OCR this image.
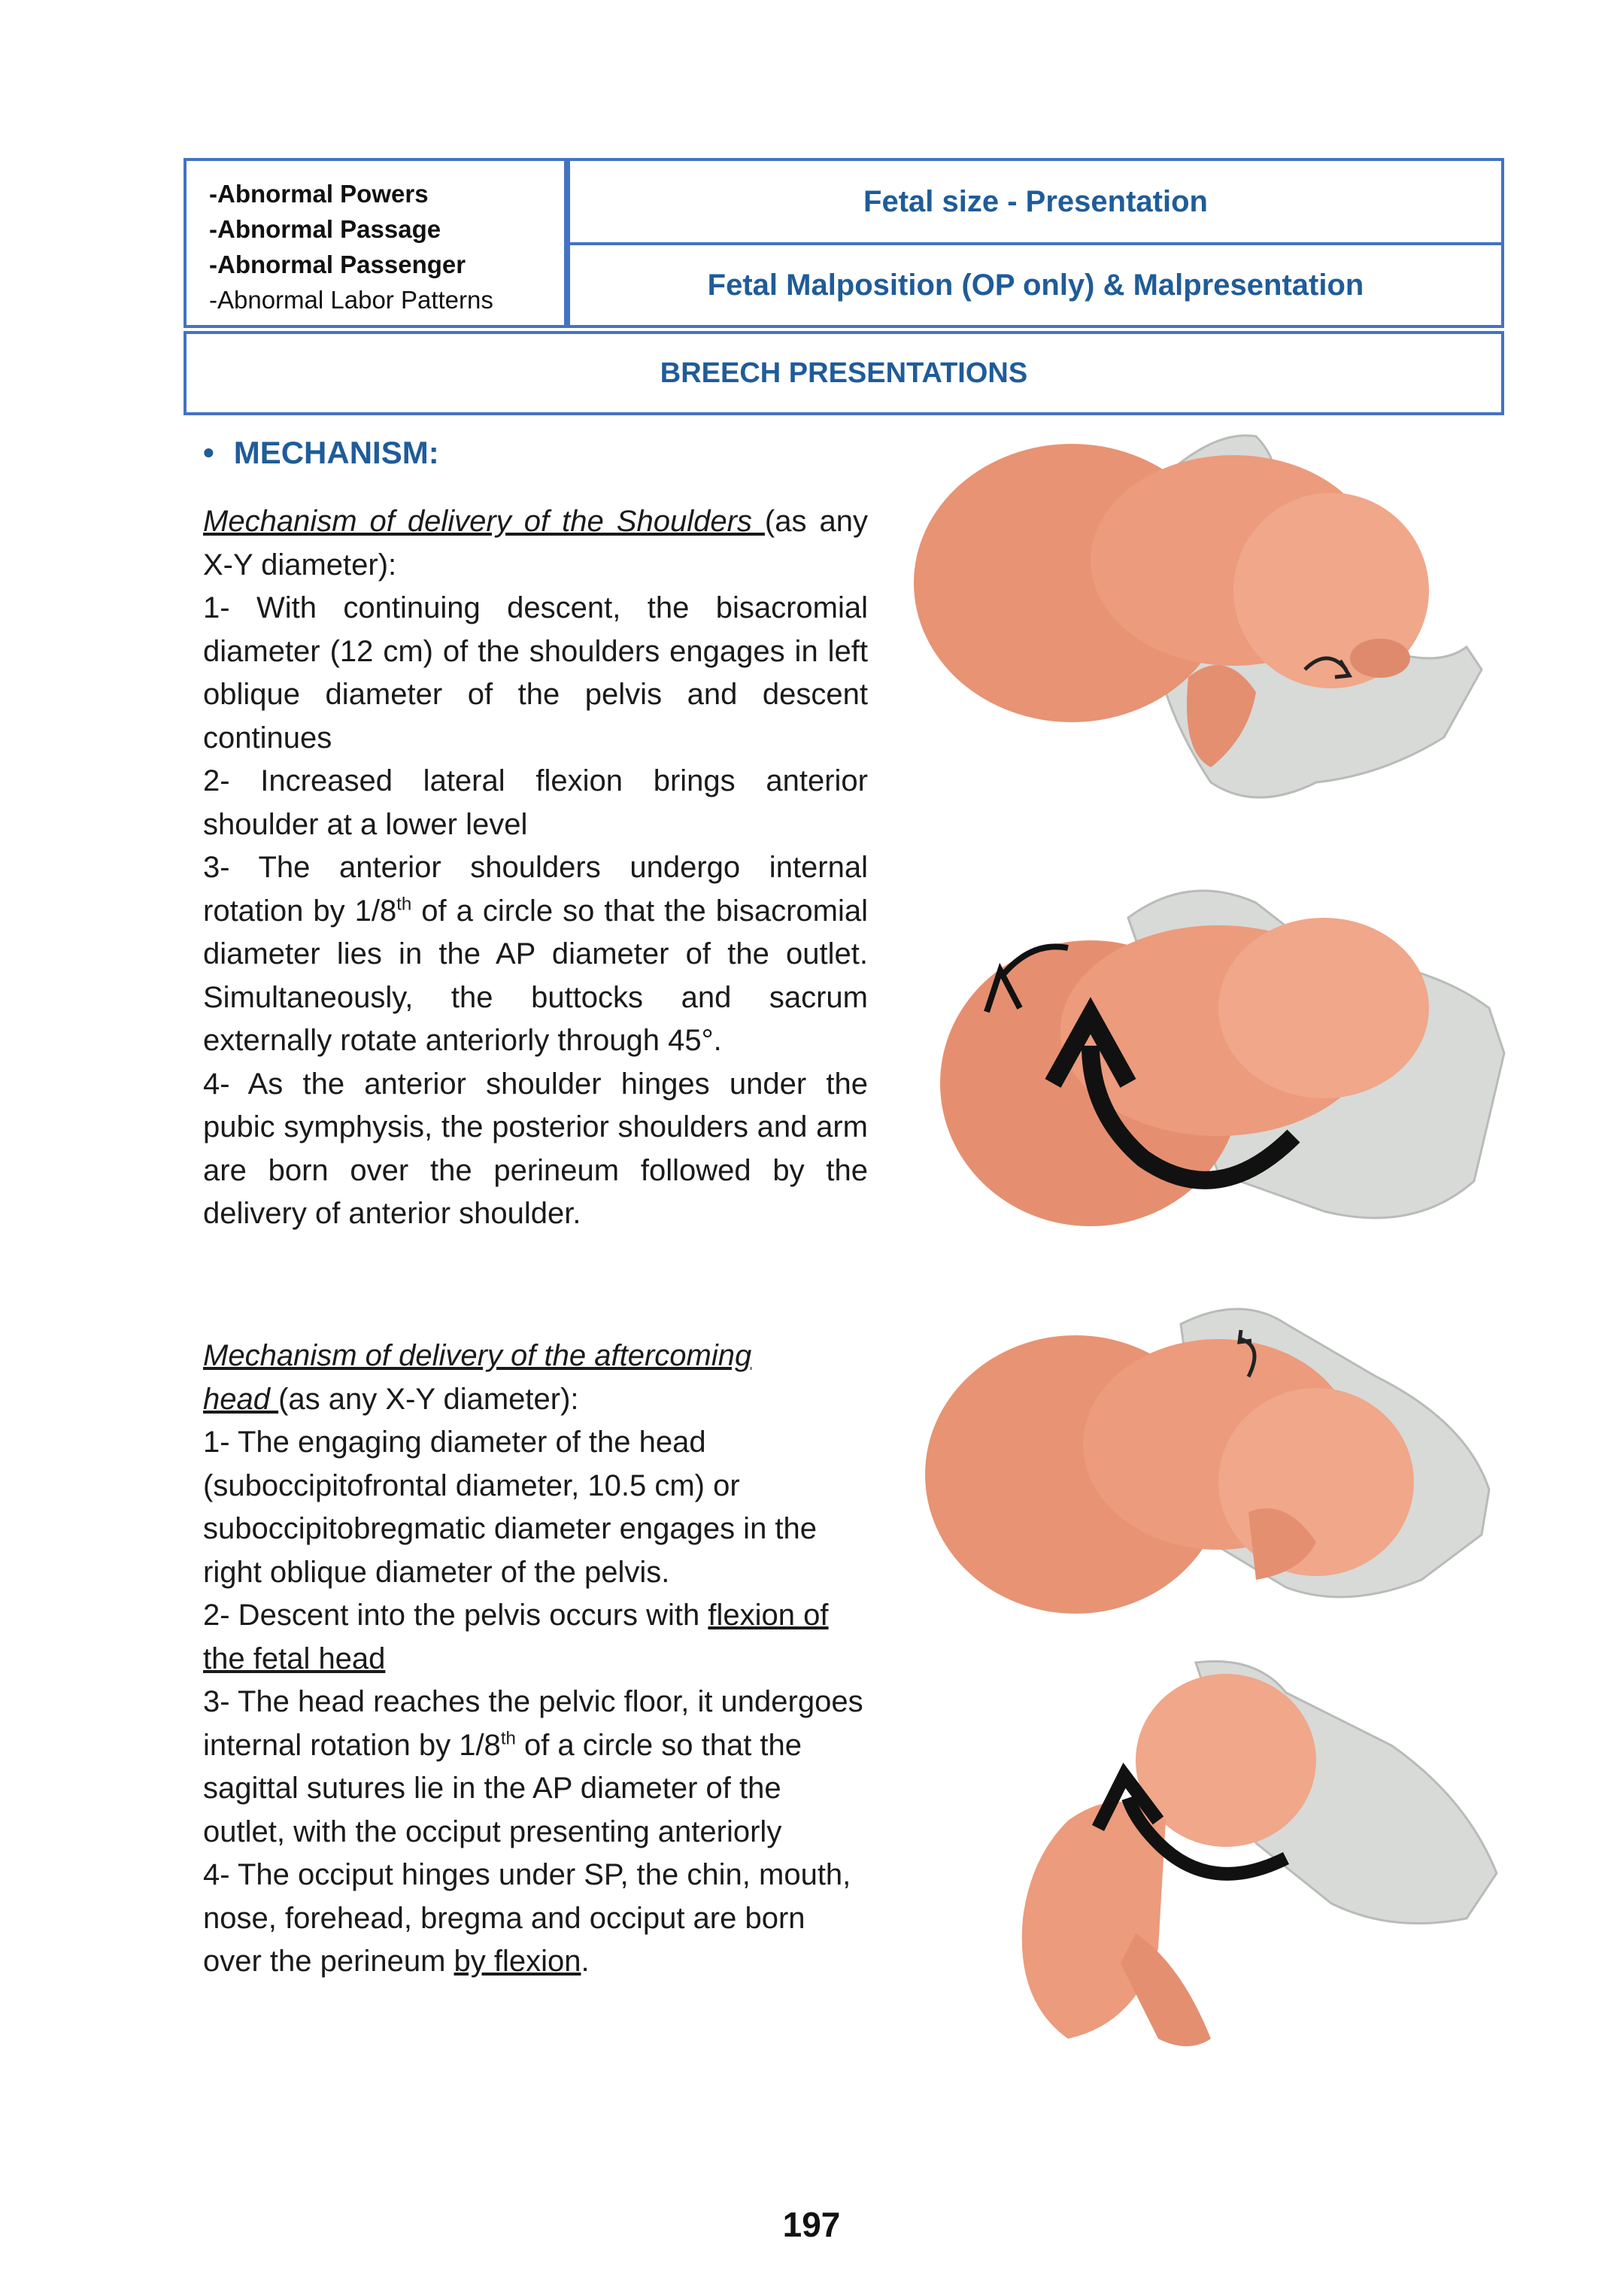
-Abnormal Powers
-Abnormal Passage
-Abnormal Passenger
-Abnormal Labor Patterns
Fetal size - Presentation
Fetal Malposition (OP only) & Malpresentation
BREECH PRESENTATIONS
• MECHANISM:

Mechanism of delivery of the Shoulders (as any X-Y diameter):

1- With continuing descent, the bisacromial diameter (12 cm) of the shoulders engages in left oblique diameter of the pelvis and descent continues

2- Increased lateral flexion brings anterior shoulder at a lower level

3- The anterior shoulders undergo internal rotation by 1/8th of a circle so that the bisacromial diameter lies in the AP diameter of the outlet. Simultaneously, the buttocks and sacrum externally rotate anteriorly through 45°.

4- As the anterior shoulder hinges under the pubic symphysis, the posterior shoulders and arm are born over the perineum followed by the delivery of anterior shoulder.

Mechanism of delivery of the aftercoming
head (as any X-Y diameter):

1- The engaging diameter of the head (suboccipitofrontal diameter, 10.5 cm) or suboccipitobregmatic diameter engages in the right oblique diameter of the pelvis.

2- Descent into the pelvis occurs with flexion of the fetal head

3- The head reaches the pelvic floor, it undergoes internal rotation by 1/8th of a circle so that the sagittal sutures lie in the AP diameter of the outlet, with the occiput presenting anteriorly

4- The occiput hinges under SP, the chin, mouth, nose, forehead, bregma and occiput are born over the perineum by flexion.

197
